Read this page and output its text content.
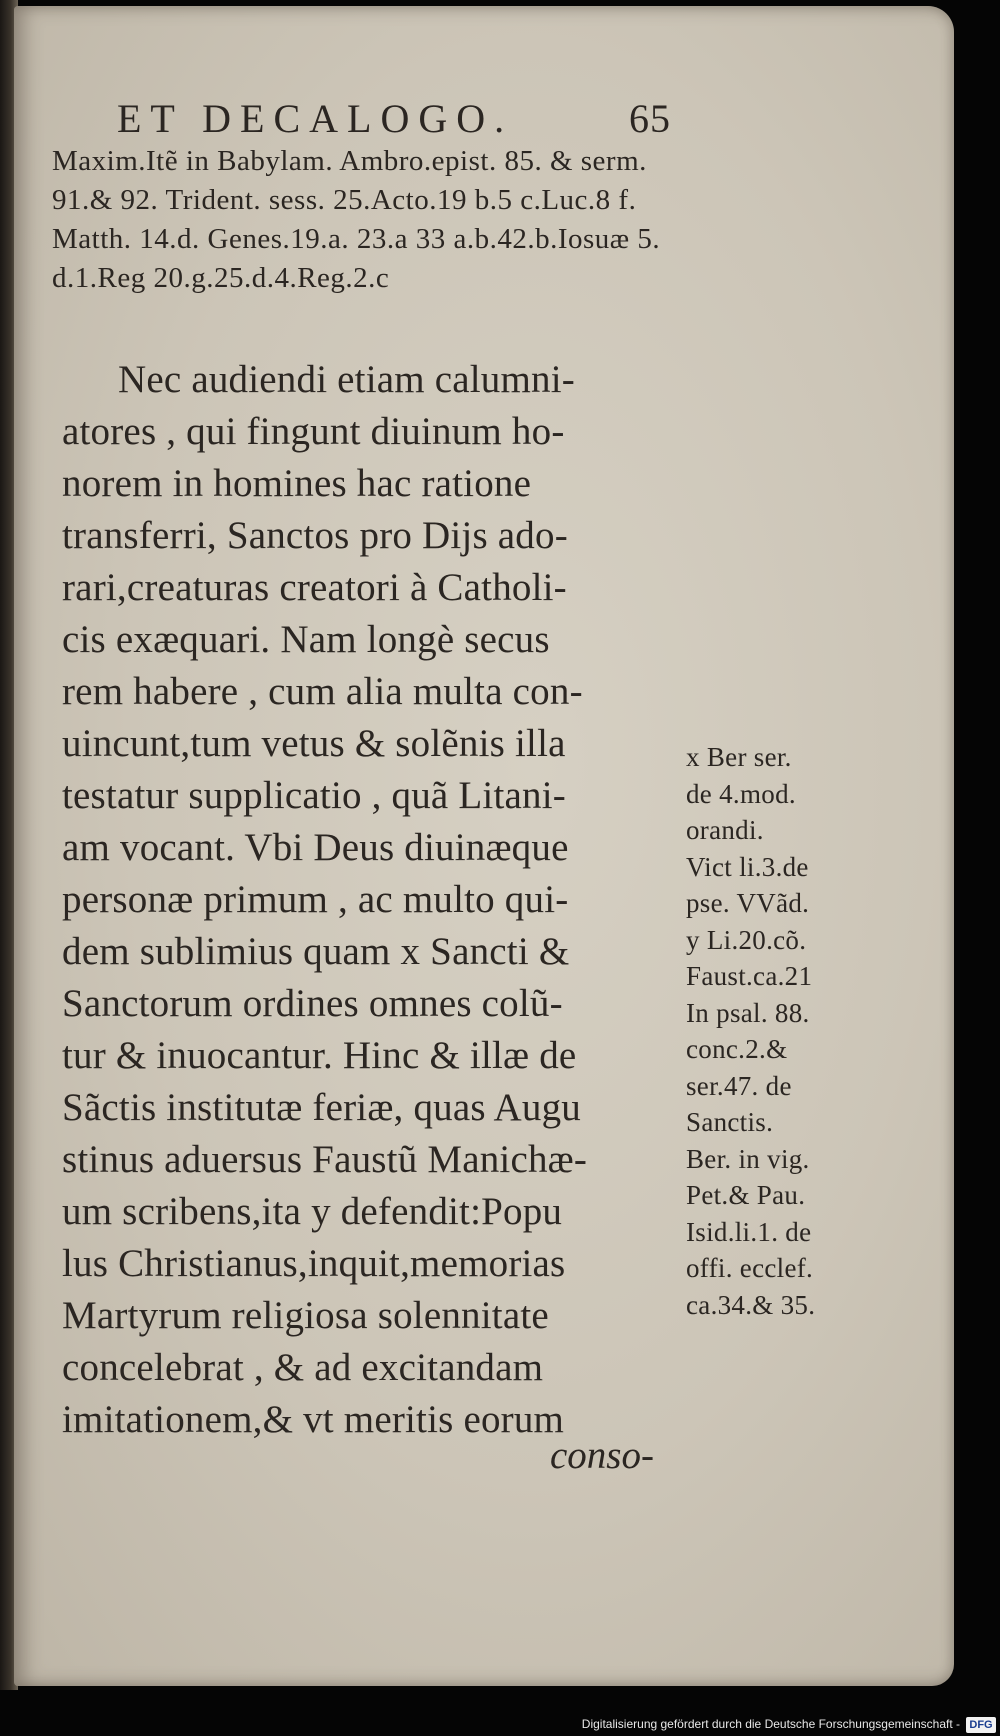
ET DECALOGO.	65
Maxim.Itẽ in Babylam. Ambro.epist. 85. & serm.
91.& 92. Trident. sess. 25.Acto.19 b.5 c.Luc.8 f.
Matth. 14.d. Genes.19.a. 23.a 33 a.b.42.b.Iosuæ 5.
d.1.Reg 20.g.25.d.4.Reg.2.c
Nec audiendi etiam calumni-
atores , qui fingunt diuinum ho-
norem in homines hac ratione
transferri, Sanctos pro Dijs ado-
rari,creaturas creatori à Catholi-
cis exæquari. Nam longè secus
rem habere , cum alia multa con-
uincunt,tum vetus & solẽnis illa
testatur supplicatio , quã Litani-
am vocant. Vbi Deus diuinæque
personæ primum , ac multo qui-
dem sublimius quam x Sancti &
Sanctorum ordines omnes colũ-
tur & inuocantur. Hinc & illæ de
Sãctis institutæ feriæ, quas Augu
stinus aduersus Faustũ Manichæ-
um scribens,ita y defendit:Popu
lus Christianus,inquit,memorias
Martyrum religiosa solennitate
concelebrat , & ad excitandam
imitationem,& vt meritis eorum
x Ber ser.
de 4.mod.
orandi.
Vict li.3.de
pse. VVãd.
y Li.20.cõ.
Faust.ca.21
In psal. 88.
conc.2.&
ser.47. de
Sanctis.
Ber. in vig.
Pet.& Pau.
Isid.li.1. de
offi. ecclef.
ca.34.& 35.
conso-
Digitalisierung gefördert durch die Deutsche Forschungsgemeinschaft - DFG
